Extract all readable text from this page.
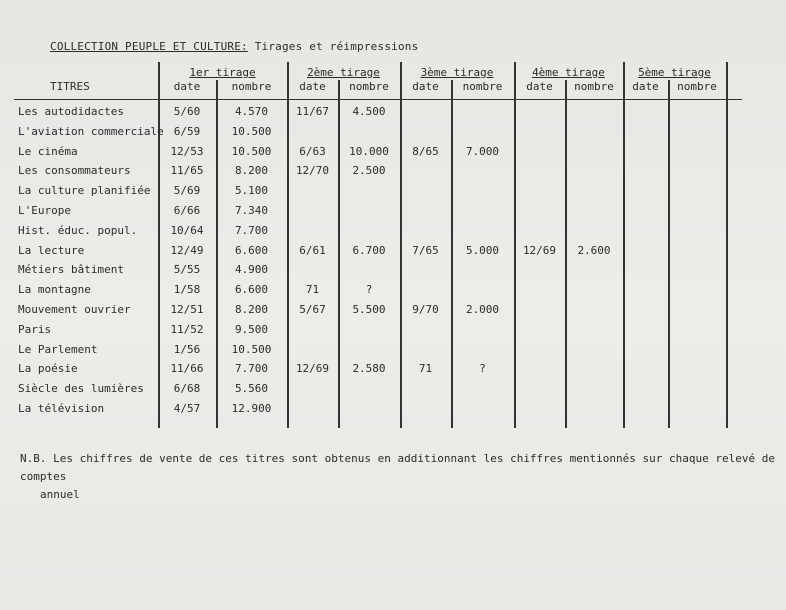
COLLECTION PEUPLE ET CULTURE: Tirages et réimpressions
TITRES
1er tirage
date	nombre
2ème tirage
date	nombre
3ème tirage
date	nombre
4ème tirage
date	nombre
5ème tirage
date	nombre
Les autodidactes	5/60	4.570	11/67	4.500
L'aviation commerciale 6/59	10.500
Le cinéma	12/53	10.500	6/63	10.000	8/65	7.000
Les consommateurs	11/65	8.200	12/70	2.500
La culture planifiée	5/69	5.100
L'Europe	6/66	7.340
Hist. éduc. popul.	10/64	7.700
La lecture	12/49	6.600	6/61	6.700	7/65	5.000	12/69	2.600
Métiers bâtiment	5/55	4.900
La montagne	1/58	6.600	71	?
Mouvement ouvrier	12/51	8.200	5/67	5.500	9/70	2.000
Paris	11/52	9.500
Le Parlement	1/56	10.500
La poésie	11/66	7.700	12/69	2.580	71	?
Siècle des lumières	6/68	5.560
La télévision	4/57	12.900
N.B. Les chiffres de vente de ces titres sont obtenus en additionnant les chiffres mentionnés sur chaque relevé de comptes
annuel
